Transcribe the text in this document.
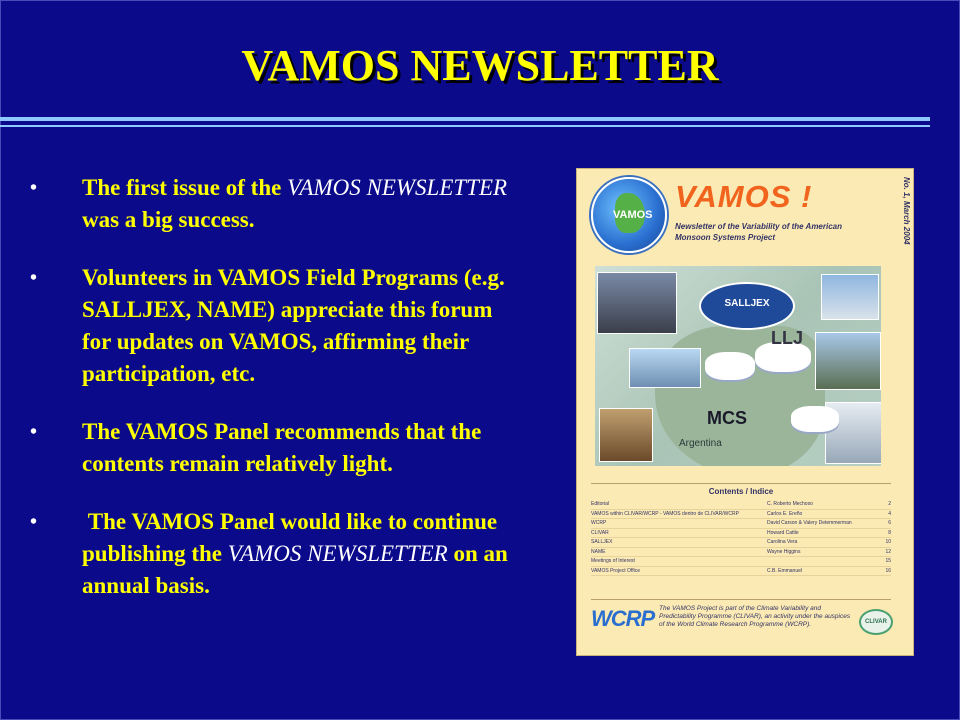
VAMOS NEWSLETTER
•	The first issue of the VAMOS NEWSLETTER was a big success.
•	Volunteers in VAMOS Field Programs (e.g. SALLJEX, NAME) appreciate this forum for updates on VAMOS, affirming their participation, etc.
•	The VAMOS Panel recommends that the contents remain relatively light.
•	The VAMOS Panel would like to continue publishing the VAMOS NEWSLETTER on an annual basis.
VAMOS
VAMOS !
Newsletter of the Variability of the American Monsoon Systems Project	No. 1, March 2004
SALLJEX
LLJ
MCS
Argentina
Contents / Indice
Editorial	C. Roberto Mechoso	2
VAMOS within CLIVAR/WCRP - VAMOS dentro de CLIVAR/WCRP	Carlos E. Ereño	4
WCRP	David Carson & Valery Detemmerman	6
CLIVAR	Howard Cattle	8
SALLJEX	Carolina Vera	10
NAME	Wayne Higgins	12
Meetings of Interest	15
VAMOS Project Office	C.B. Emmanuel	16
WCRP The VAMOS Project is part of the Climate Variability and Predictability Programme (CLIVAR), an activity under the auspices of the World Climate Research Programme (WCRP).	CLIVAR
